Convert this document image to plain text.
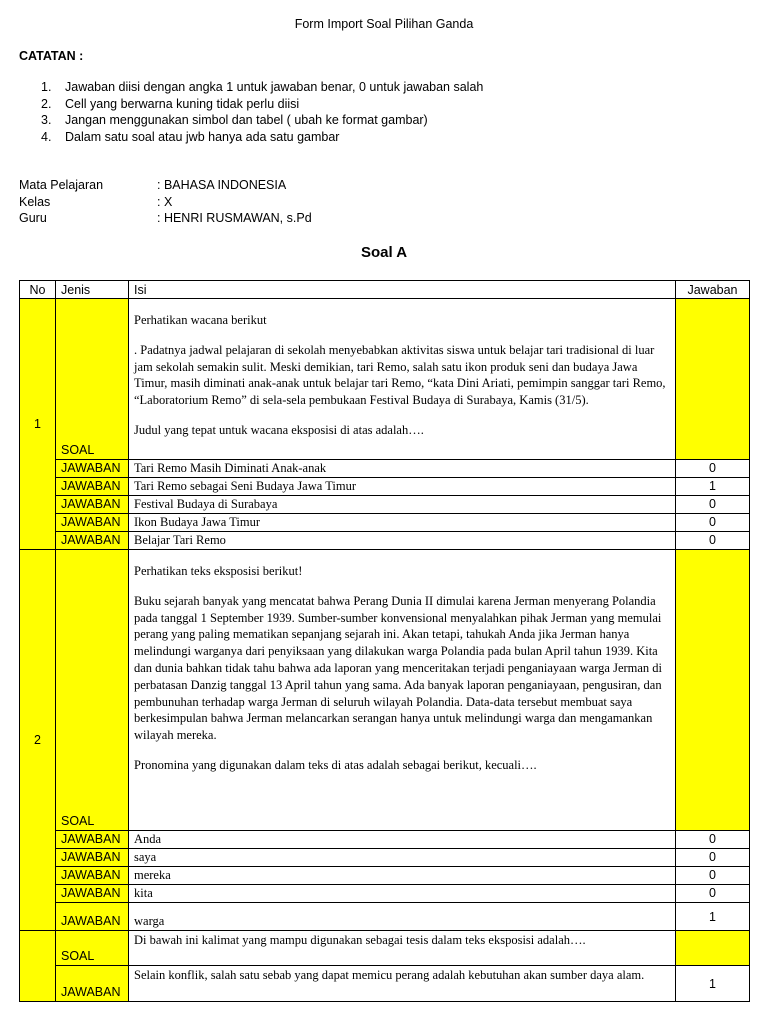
Form Import Soal Pilihan Ganda
CATATAN :
1. Jawaban diisi dengan angka 1 untuk jawaban benar, 0 untuk jawaban salah
2. Cell yang berwarna kuning tidak perlu diisi
3. Jangan menggunakan simbol dan tabel ( ubah ke format gambar)
4. Dalam satu soal atau jwb hanya ada satu gambar
Mata Pelajaran	: BAHASA INDONESIA
Kelas	: X
Guru	: HENRI RUSMAWAN, s.Pd
Soal A
No	Jenis	Isi	Jawaban
1	SOAL	Perhatikan wacana berikut

. Padatnya jadwal pelajaran di sekolah menyebabkan aktivitas siswa untuk belajar tari tradisional di luar jam sekolah semakin sulit. Meski demikian, tari Remo, salah satu ikon produk seni dan budaya Jawa Timur, masih diminati anak-anak untuk belajar tari Remo, “kata Dini Ariati, pemimpin sanggar tari Remo, “Laboratorium Remo” di sela-sela pembukaan Festival Budaya di Surabaya, Kamis (31/5).

Judul yang tepat untuk wacana eksposisi di atas adalah….	

	JAWABAN	Tari Remo Masih Diminati Anak-anak	0
	JAWABAN	Tari Remo sebagai Seni Budaya Jawa Timur	1
	JAWABAN	Festival Budaya di Surabaya	0
	JAWABAN	Ikon Budaya Jawa Timur	0
	JAWABAN	Belajar Tari Remo	0
2	SOAL	Perhatikan teks eksposisi berikut!

Buku sejarah banyak yang mencatat bahwa Perang Dunia II dimulai karena Jerman menyerang Polandia pada tanggal 1 September 1939. Sumber-sumber konvensional menyalahkan pihak Jerman yang memulai perang yang paling mematikan sepanjang sejarah ini. Akan tetapi, tahukah Anda jika Jerman hanya melindungi warganya dari penyiksaan yang dilakukan warga Polandia pada bulan April tahun 1939. Kita dan dunia bahkan tidak tahu bahwa ada laporan yang menceritakan terjadi penganiayaan warga Jerman di perbatasan Danzig tanggal 13 April tahun yang sama. Ada banyak laporan penganiayaan, pengusiran, dan pembunuhan terhadap warga Jerman di seluruh wilayah Polandia. Data-data tersebut membuat saya berkesimpulan bahwa Jerman melancarkan serangan hanya untuk melindungi warga dan mengamankan wilayah mereka.

Pronomina yang digunakan dalam teks di atas adalah sebagai berikut, kecuali….	

	JAWABAN	Anda	0
	JAWABAN	saya	0
	JAWABAN	mereka	0
	JAWABAN	kita	0
	JAWABAN	warga	1
	SOAL	Di bawah ini kalimat yang mampu digunakan sebagai tesis dalam teks eksposisi adalah….	
	JAWABAN	Selain konflik, salah satu sebab yang dapat memicu perang adalah kebutuhan akan sumber daya alam.	1
